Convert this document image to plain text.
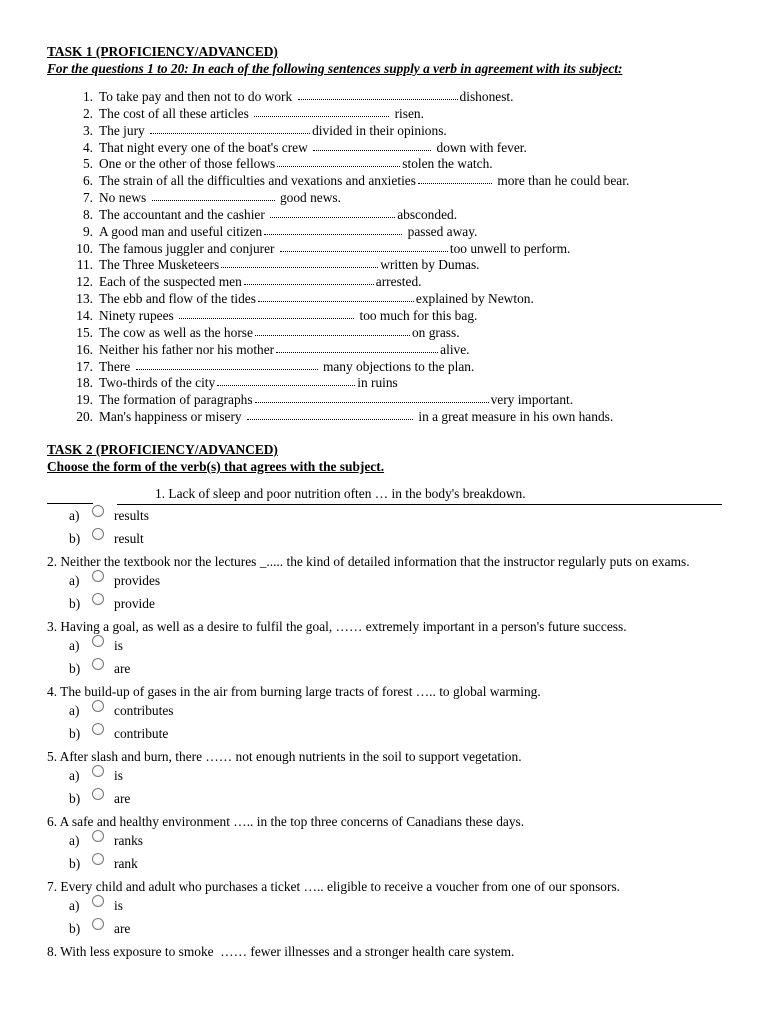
TASK 1 (PROFICIENCY/ADVANCED)
For the questions 1 to 20: In each of the following sentences supply a verb in agreement with its subject:
1. To take pay and then not to do work	dishonest.
2. The cost of all these articles	risen.
3. The jury	divided in their opinions.
4. That night every one of the boat's crew	down with fever.
5. One or the other of those fellows	stolen the watch.
6. The strain of all the difficulties and vexations and anxieties	more than he could bear.
7. No news	good news.
8. The accountant and the cashier	absconded.
9. A good man and useful citizen	passed away.
10. The famous juggler and conjurer	too unwell to perform.
11. The Three Musketeers	written by Dumas.
12. Each of the suspected men	arrested.
13. The ebb and flow of the tides	explained by Newton.
14. Ninety rupees	too much for this bag.
15. The cow as well as the horse	on grass.
16. Neither his father nor his mother	alive.
17. There	many objections to the plan.
18. Two-thirds of the city	in ruins
19. The formation of paragraphs	very important.
20. Man's happiness or misery	in a great measure in his own hands.
TASK 2 (PROFICIENCY/ADVANCED)
Choose the form of the verb(s) that agrees with the subject.
1. Lack of sleep and poor nutrition often … in the body's breakdown.
a)	results
b)	result
2. Neither the textbook nor the lectures _..... the kind of detailed information that the instructor regularly puts on exams.
a)	provides
b)	provide
3. Having a goal, as well as a desire to fulfil the goal, …… extremely important in a person's future success.
a)	is
b)	are
4. The build-up of gases in the air from burning large tracts of forest ….. to global warming.
a)	contributes
b)	contribute
5. After slash and burn, there …… not enough nutrients in the soil to support vegetation.
a)	is
b)	are
6. A safe and healthy environment ….. in the top three concerns of Canadians these days.
a)	ranks
b)	rank
7. Every child and adult who purchases a ticket ….. eligible to receive a voucher from one of our sponsors.
a)	is
b)	are
8. With less exposure to smoke  …… fewer illnesses and a stronger health care system.
